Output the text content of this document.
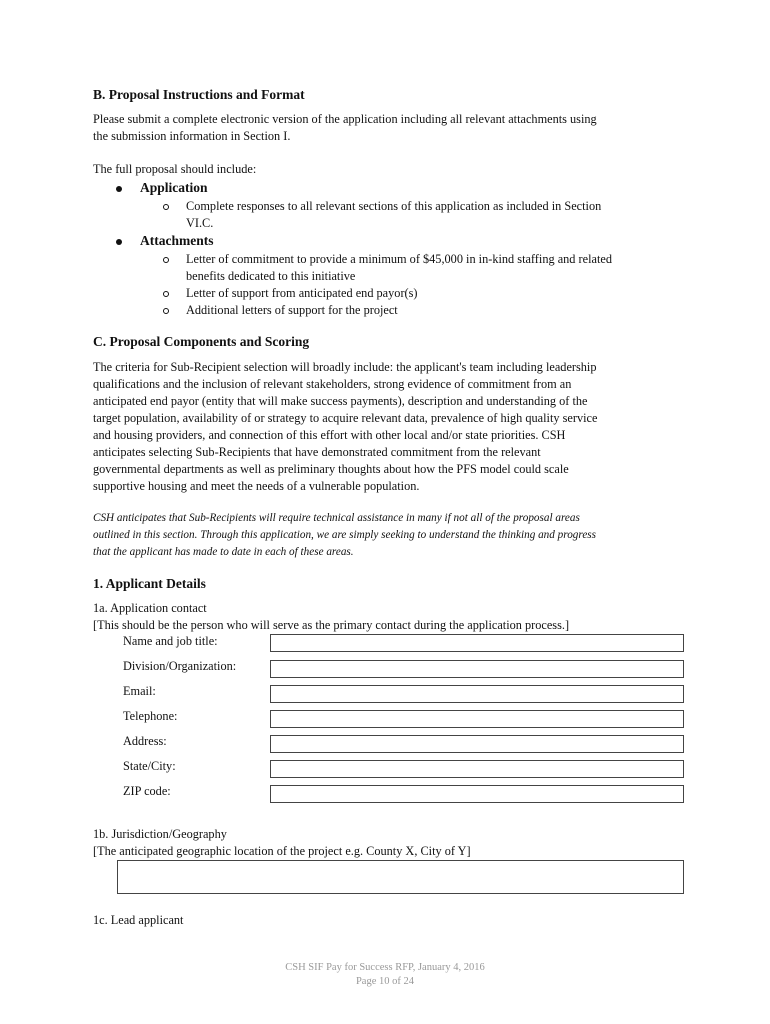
B. Proposal Instructions and Format
Please submit a complete electronic version of the application including all relevant attachments using
the submission information in Section I.
The full proposal should include:
Application
Complete responses to all relevant sections of this application as included in Section
VI.C.
Attachments
Letter of commitment to provide a minimum of $45,000 in in-kind staffing and related
benefits dedicated to this initiative
Letter of support from anticipated end payor(s)
Additional letters of support for the project
C. Proposal Components and Scoring
The criteria for Sub-Recipient selection will broadly include: the applicant's team including leadership
qualifications and the inclusion of relevant stakeholders, strong evidence of commitment from an
anticipated end payor (entity that will make success payments), description and understanding of the
target population, availability of or strategy to acquire relevant data, prevalence of high quality service
and housing providers, and connection of this effort with other local and/or state priorities. CSH
anticipates selecting Sub-Recipients that have demonstrated commitment from the relevant
governmental departments as well as preliminary thoughts about how the PFS model could scale
supportive housing and meet the needs of a vulnerable population.
CSH anticipates that Sub-Recipients will require technical assistance in many if not all of the proposal areas
outlined in this section. Through this application, we are simply seeking to understand the thinking and progress
that the applicant has made to date in each of these areas.
1. Applicant Details
1a. Application contact
[This should be the person who will serve as the primary contact during the application process.]
Name and job title:
Division/Organization:
Email:
Telephone:
Address:
State/City:
ZIP code:
1b. Jurisdiction/Geography
[The anticipated geographic location of the project e.g. County X, City of Y]
1c. Lead applicant
CSH SIF Pay for Success RFP, January 4, 2016
Page 10 of 24
